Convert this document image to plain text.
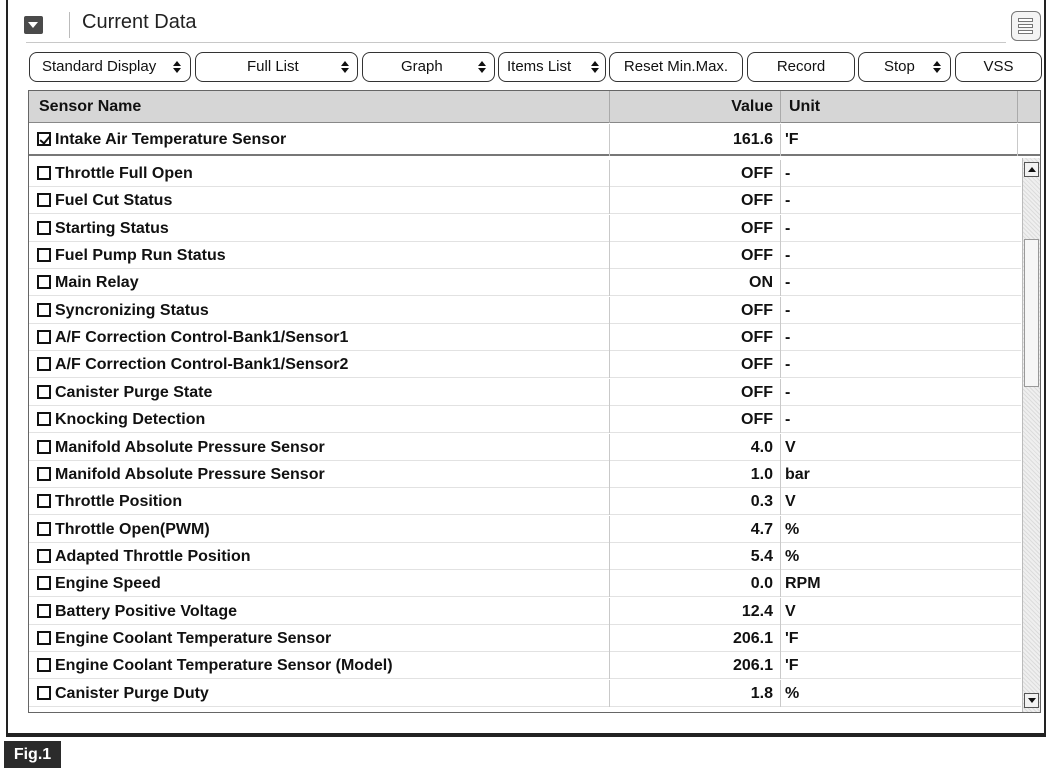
Current Data
Standard Display	Full List	Graph	Items List	Reset Min.Max.	Record	Stop	VSS
Sensor Name	Value Unit
Intake Air Temperature Sensor	161.6 'F
Throttle Full Open	OFF -
Fuel Cut Status	OFF -
Starting Status	OFF -
Fuel Pump Run Status	OFF -
Main Relay	ON -
Syncronizing Status	OFF -
A/F Correction Control-Bank1/Sensor1	OFF -
A/F Correction Control-Bank1/Sensor2	OFF -
Canister Purge State	OFF -
Knocking Detection	OFF -
Manifold Absolute Pressure Sensor	4.0 V
Manifold Absolute Pressure Sensor	1.0 bar
Throttle Position	0.3 V
Throttle Open(PWM)	4.7 %
Adapted Throttle Position	5.4 %
Engine Speed	0.0 RPM
Battery Positive Voltage	12.4 V
Engine Coolant Temperature Sensor	206.1 'F
Engine Coolant Temperature Sensor (Model)	206.1 'F
Canister Purge Duty	1.8 %
Fig.1
